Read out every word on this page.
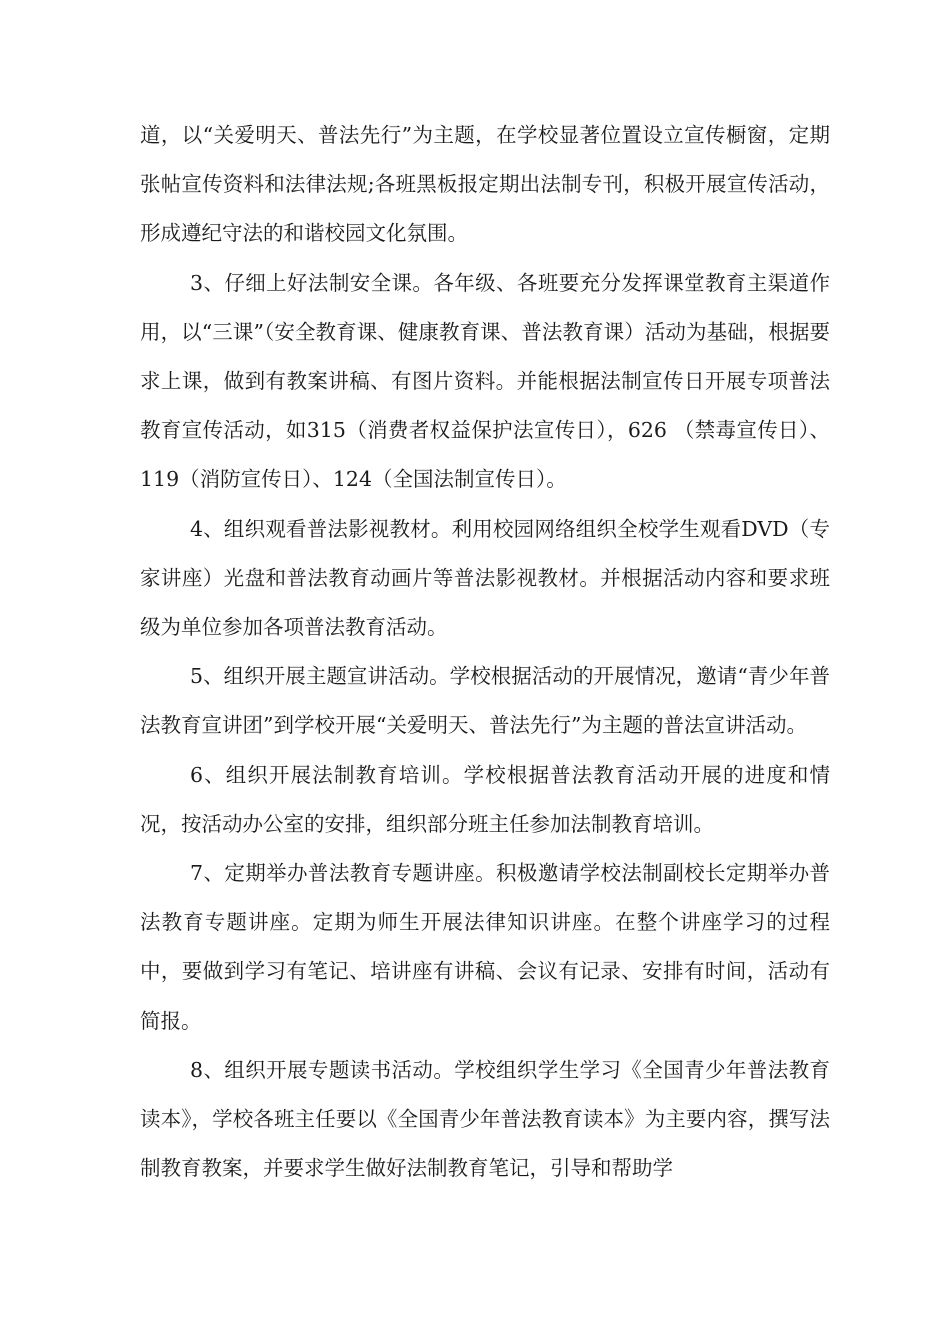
道，以“关爱明天、普法先行”为主题，在学校显著位置设立宣传橱窗，定期张帖宣传资料和法律法规;各班黑板报定期出法制专刊，积极开展宣传活动，形成遵纪守法的和谐校园文化氛围。

3、仔细上好法制安全课。各年级、各班要充分发挥课堂教育主渠道作用，以“三课”（安全教育课、健康教育课、普法教育课）活动为基础，根据要求上课，做到有教案讲稿、有图片资料。并能根据法制宣传日开展专项普法教育宣传活动，如315（消费者权益保护法宣传日），626 （禁毒宣传日）、119（消防宣传日）、124（全国法制宣传日）。

4、组织观看普法影视教材。利用校园网络组织全校学生观看DVD（专家讲座）光盘和普法教育动画片等普法影视教材。并根据活动内容和要求班级为单位参加各项普法教育活动。

5、组织开展主题宣讲活动。学校根据活动的开展情况，邀请“青少年普法教育宣讲团”到学校开展“关爱明天、普法先行”为主题的普法宣讲活动。

6、组织开展法制教育培训。学校根据普法教育活动开展的进度和情况，按活动办公室的安排，组织部分班主任参加法制教育培训。

7、定期举办普法教育专题讲座。积极邀请学校法制副校长定期举办普法教育专题讲座。定期为师生开展法律知识讲座。在整个讲座学习的过程中，要做到学习有笔记、培讲座有讲稿、会议有记录、安排有时间，活动有简报。

8、组织开展专题读书活动。学校组织学生学习《全国青少年普法教育读本》，学校各班主任要以《全国青少年普法教育读本》为主要内容，撰写法制教育教案，并要求学生做好法制教育笔记，引导和帮助学
